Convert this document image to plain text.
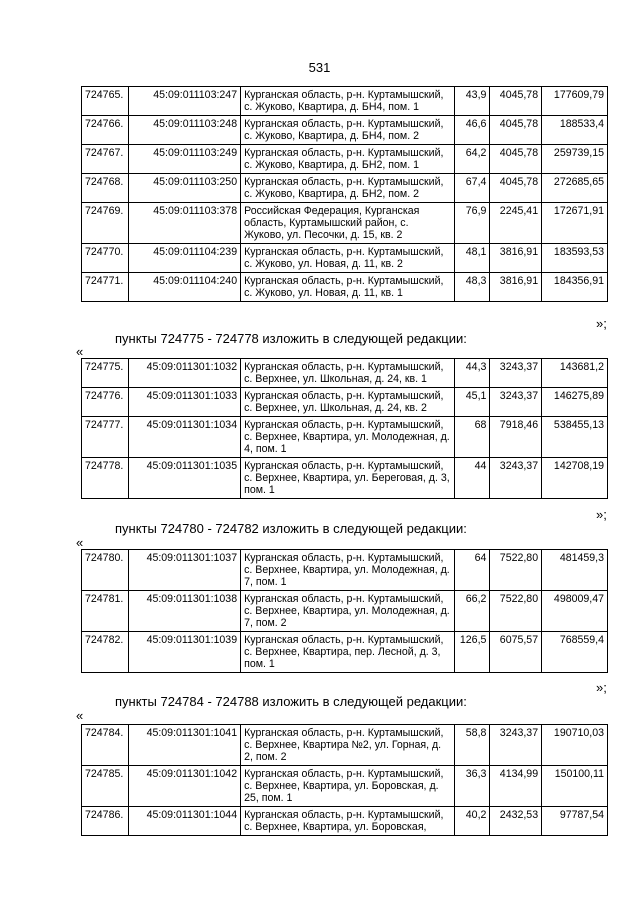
531
724765.	45:09:011103:247	Курганская область, р-н. Куртамышский, с. Жуково, Квартира, д. БН4, пом. 1	43,9	4045,78	177609,79
724766.	45:09:011103:248	Курганская область, р-н. Куртамышский, с. Жуково, Квартира, д. БН4, пом. 2	46,6	4045,78	188533,4
724767.	45:09:011103:249	Курганская область, р-н. Куртамышский, с. Жуково, Квартира, д. БН2, пом. 1	64,2	4045,78	259739,15
724768.	45:09:011103:250	Курганская область, р-н. Куртамышский, с. Жуково, Квартира, д. БН2, пом. 2	67,4	4045,78	272685,65
724769.	45:09:011103:378	Российская Федерация, Курганская область, Куртамышский район, с. Жуково, ул. Песочки, д. 15, кв. 2	76,9	2245,41	172671,91
724770.	45:09:011104:239	Курганская область, р-н. Куртамышский, с. Жуково, ул. Новая, д. 11, кв. 2	48,1	3816,91	183593,53
724771.	45:09:011104:240	Курганская область, р-н. Куртамышский, с. Жуково, ул. Новая, д. 11, кв. 1	48,3	3816,91	184356,91
»;
пункты 724775 - 724778 изложить в следующей редакции:
«
724775.	45:09:011301:1032	Курганская область, р-н. Куртамышский, с. Верхнее, ул. Школьная, д. 24, кв. 1	44,3	3243,37	143681,2
724776.	45:09:011301:1033	Курганская область, р-н. Куртамышский, с. Верхнее, ул. Школьная, д. 24, кв. 2	45,1	3243,37	146275,89
724777.	45:09:011301:1034	Курганская область, р-н. Куртамышский, с. Верхнее, Квартира, ул. Молодежная, д. 4, пом. 1	68	7918,46	538455,13
724778.	45:09:011301:1035	Курганская область, р-н. Куртамышский, с. Верхнее, Квартира, ул. Береговая, д. 3, пом. 1	44	3243,37	142708,19
»;
пункты 724780 - 724782 изложить в следующей редакции:
«
724780.	45:09:011301:1037	Курганская область, р-н. Куртамышский, с. Верхнее, Квартира, ул. Молодежная, д. 7, пом. 1	64	7522,80	481459,3
724781.	45:09:011301:1038	Курганская область, р-н. Куртамышский, с. Верхнее, Квартира, ул. Молодежная, д. 7, пом. 2	66,2	7522,80	498009,47
724782.	45:09:011301:1039	Курганская область, р-н. Куртамышский, с. Верхнее, Квартира, пер. Лесной, д. 3, пом. 1	126,5	6075,57	768559,4
»;
пункты 724784 - 724788 изложить в следующей редакции:
«
724784.	45:09:011301:1041	Курганская область, р-н. Куртамышский, с. Верхнее, Квартира №2, ул. Горная, д. 2, пом. 2	58,8	3243,37	190710,03
724785.	45:09:011301:1042	Курганская область, р-н. Куртамышский, с. Верхнее, Квартира, ул. Боровская, д. 25, пом. 1	36,3	4134,99	150100,11
724786.	45:09:011301:1044	Курганская область, р-н. Куртамышский, с. Верхнее, Квартира, ул. Боровская,	40,2	2432,53	97787,54
